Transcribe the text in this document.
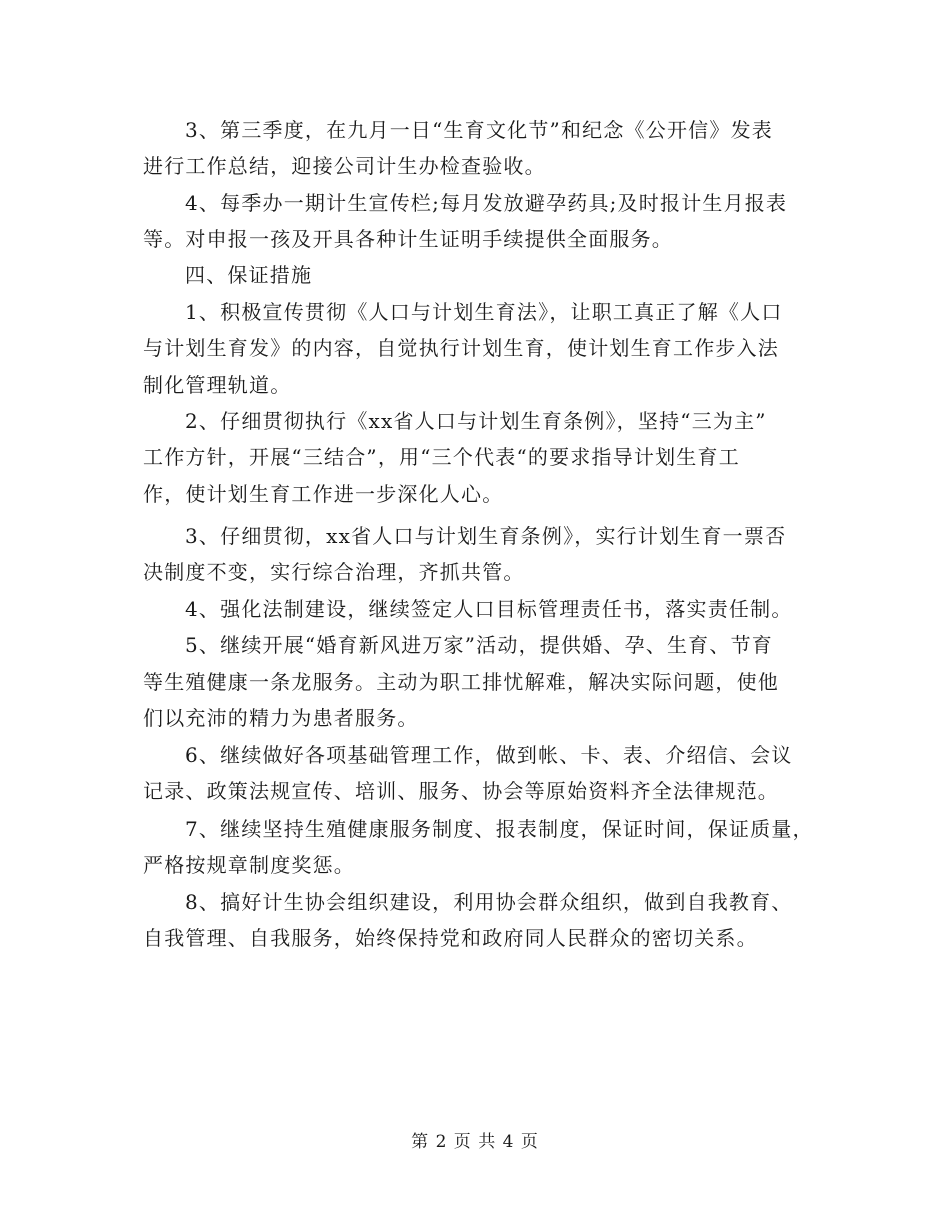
3、第三季度，在九月一日“生育文化节”和纪念《公开信》发表
进行工作总结，迎接公司计生办检查验收。
4、每季办一期计生宣传栏;每月发放避孕药具;及时报计生月报表
等。对申报一孩及开具各种计生证明手续提供全面服务。
四、保证措施
1、积极宣传贯彻《人口与计划生育法》，让职工真正了解《人口
与计划生育发》的内容，自觉执行计划生育，使计划生育工作步入法
制化管理轨道。
2、仔细贯彻执行《xx省人口与计划生育条例》，坚持“三为主”
工作方针，开展“三结合”，用“三个代表“的要求指导计划生育工
作，使计划生育工作进一步深化人心。
3、仔细贯彻，xx省人口与计划生育条例》，实行计划生育一票否
决制度不变，实行综合治理，齐抓共管。
4、强化法制建设，继续签定人口目标管理责任书，落实责任制。
5、继续开展“婚育新风进万家”活动，提供婚、孕、生育、节育
等生殖健康一条龙服务。主动为职工排忧解难，解决实际问题，使他
们以充沛的精力为患者服务。
6、继续做好各项基础管理工作，做到帐、卡、表、介绍信、会议
记录、政策法规宣传、培训、服务、协会等原始资料齐全法律规范。
7、继续坚持生殖健康服务制度、报表制度，保证时间，保证质量，
严格按规章制度奖惩。
8、搞好计生协会组织建设，利用协会群众组织，做到自我教育、
自我管理、自我服务，始终保持党和政府同人民群众的密切关系。
第 2 页 共 4 页
